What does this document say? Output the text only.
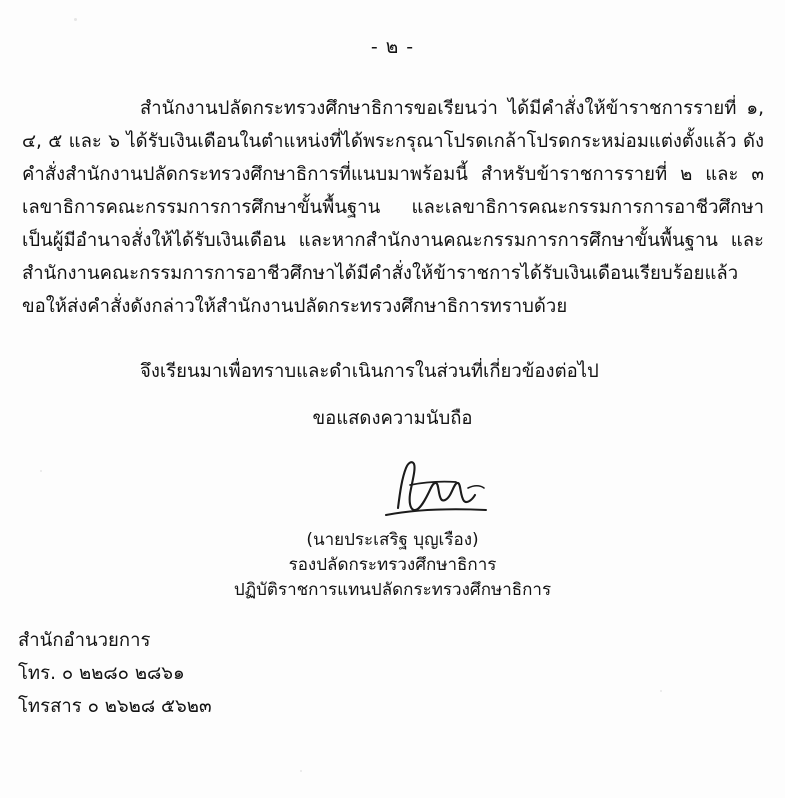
- ๒ -

สำนักงานปลัดกระทรวงศึกษาธิการขอเรียนว่า ได้มีคำสั่งให้ข้าราชการรายที่ ๑, ๔, ๕ และ ๖ ได้รับเงินเดือนในตำแหน่งที่ได้พระกรุณาโปรดเกล้าโปรดกระหม่อมแต่งตั้งแล้ว ดังคำสั่งสำนักงานปลัดกระทรวงศึกษาธิการที่แนบมาพร้อมนี้ สำหรับข้าราชการรายที่ ๒ และ ๓ เลขาธิการคณะกรรมการการศึกษาขั้นพื้นฐาน และเลขาธิการคณะกรรมการการอาชีวศึกษา เป็นผู้มีอำนาจสั่งให้ได้รับเงินเดือน และหากสำนักงานคณะกรรมการการศึกษาขั้นพื้นฐาน และสำนักงานคณะกรรมการการอาชีวศึกษาได้มีคำสั่งให้ข้าราชการได้รับเงินเดือนเรียบร้อยแล้ว ขอให้ส่งคำสั่งดังกล่าวให้สำนักงานปลัดกระทรวงศึกษาธิการทราบด้วย

จึงเรียนมาเพื่อทราบและดำเนินการในส่วนที่เกี่ยวข้องต่อไป
ขอแสดงความนับถือ
(นายประเสริฐ บุญเรือง)
รองปลัดกระทรวงศึกษาธิการ
ปฏิบัติราชการแทนปลัดกระทรวงศึกษาธิการ
สำนักอำนวยการ
โทร. ๐ ๒๒๘๐ ๒๘๖๑
โทรสาร ๐ ๒๖๒๘ ๕๖๒๓
